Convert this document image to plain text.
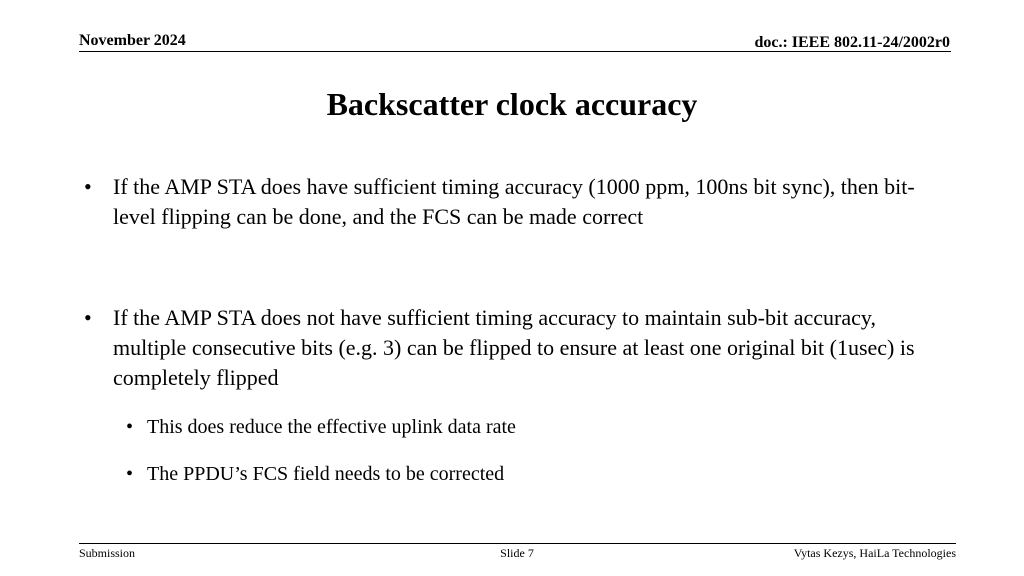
November 2024	doc.: IEEE 802.11-24/2002r0
Backscatter clock accuracy
• If the AMP STA does have sufficient timing accuracy (1000 ppm, 100ns bit sync), then bit-level flipping can be done, and the FCS can be made correct
• If the AMP STA does not have sufficient timing accuracy to maintain sub-bit accuracy, multiple consecutive bits (e.g. 3) can be flipped to ensure at least one original bit (1usec) is completely flipped
• This does reduce the effective uplink data rate
• The PPDU’s FCS field needs to be corrected
Submission	Slide 7	Vytas Kezys, HaiLa Technologies
